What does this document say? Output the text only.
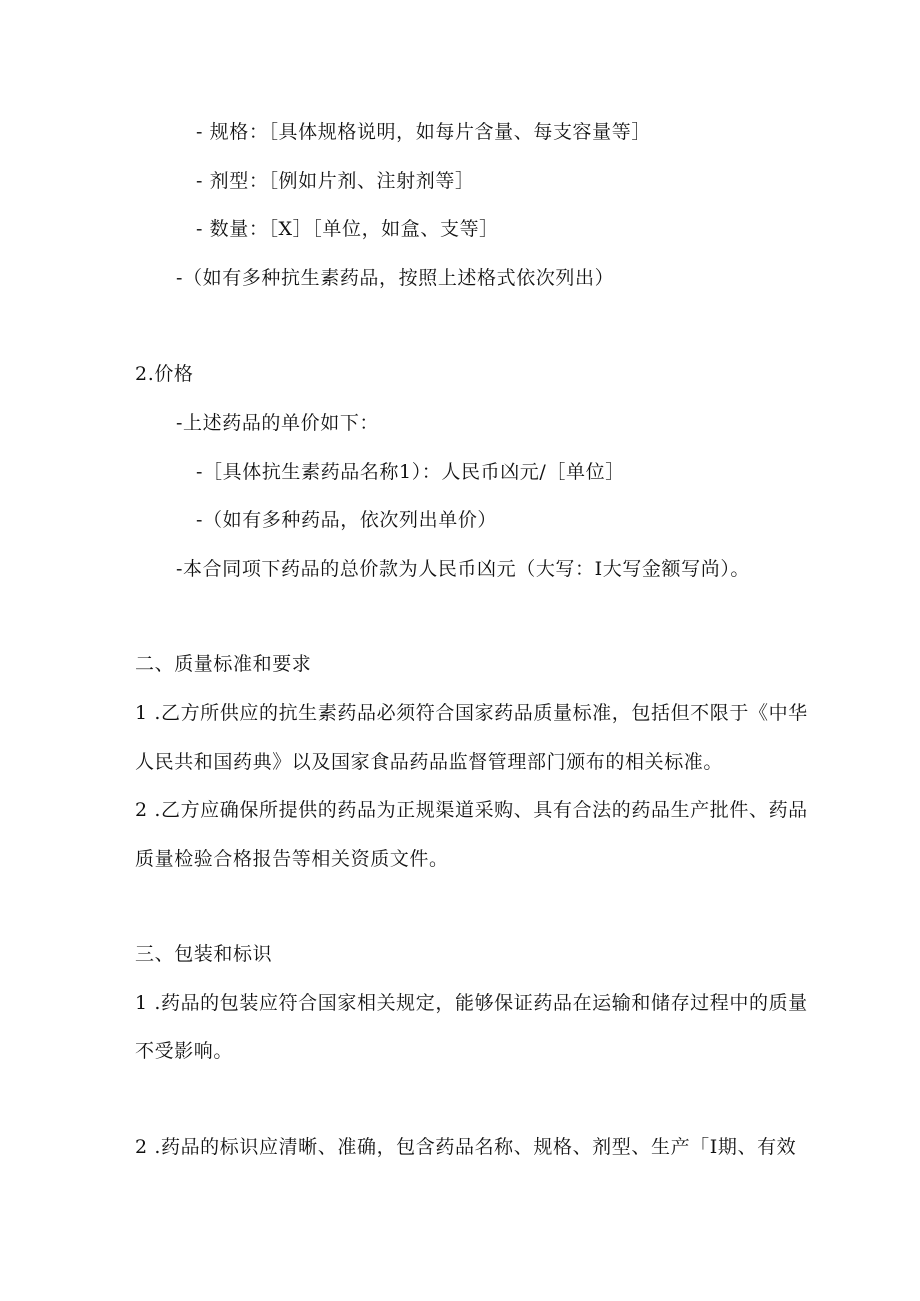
- 规格：［具体规格说明，如每片含量、每支容量等］
- 剂型：［例如片剂、注射剂等］
- 数量：［X］［单位，如盒、支等］
-（如有多种抗生素药品，按照上述格式依次列出）
2.价格
-上述药品的单价如下：
-［具体抗生素药品名称1）：人民币凶元/［单位］
-（如有多种药品，依次列出单价）
-本合同项下药品的总价款为人民币凶元（大写：I大写金额写尚）。
二、质量标准和要求
1 .乙方所供应的抗生素药品必须符合国家药品质量标准，包括但不限于《中华
人民共和国药典》以及国家食品药品监督管理部门颁布的相关标准。
2 .乙方应确保所提供的药品为正规渠道采购、具有合法的药品生产批件、药品
质量检验合格报告等相关资质文件。
三、包装和标识
1 .药品的包装应符合国家相关规定，能够保证药品在运输和储存过程中的质量
不受影响。
2 .药品的标识应清晰、准确，包含药品名称、规格、剂型、生产「I期、有效
